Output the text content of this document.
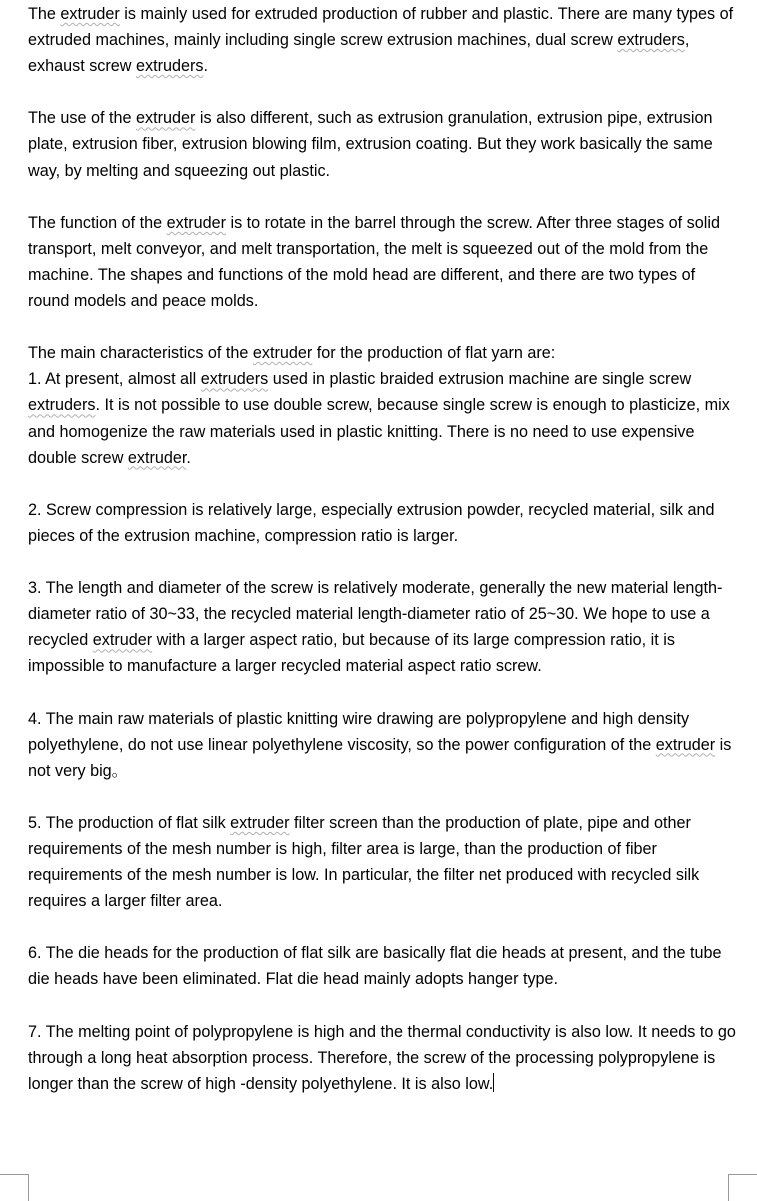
The extruder is mainly used for extruded production of rubber and plastic. There are many types of extruded machines, mainly including single screw extrusion machines, dual screw extruders, exhaust screw extruders.

The use of the extruder is also different, such as extrusion granulation, extrusion pipe, extrusion plate, extrusion fiber, extrusion blowing film, extrusion coating. But they work basically the same way, by melting and squeezing out plastic.

The function of the extruder is to rotate in the barrel through the screw. After three stages of solid transport, melt conveyor, and melt transportation, the melt is squeezed out of the mold from the machine. The shapes and functions of the mold head are different, and there are two types of round models and peace molds.

The main characteristics of the extruder for the production of flat yarn are:

1. At present, almost all extruders used in plastic braided extrusion machine are single screw extruders. It is not possible to use double screw, because single screw is enough to plasticize, mix and homogenize the raw materials used in plastic knitting. There is no need to use expensive double screw extruder.

2. Screw compression is relatively large, especially extrusion powder, recycled material, silk and pieces of the extrusion machine, compression ratio is larger.

3. The length and diameter of the screw is relatively moderate, generally the new material length-diameter ratio of 30~33, the recycled material length-diameter ratio of 25~30. We hope to use a recycled extruder with a larger aspect ratio, but because of its large compression ratio, it is impossible to manufacture a larger recycled material aspect ratio screw.

4. The main raw materials of plastic knitting wire drawing are polypropylene and high density polyethylene, do not use linear polyethylene viscosity, so the power configuration of the extruder is not very big。

5. The production of flat silk extruder filter screen than the production of plate, pipe and other requirements of the mesh number is high, filter area is large, than the production of fiber requirements of the mesh number is low. In particular, the filter net produced with recycled silk requires a larger filter area.

6. The die heads for the production of flat silk are basically flat die heads at present, and the tube die heads have been eliminated. Flat die head mainly adopts hanger type.

7. The melting point of polypropylene is high and the thermal conductivity is also low. It needs to go through a long heat absorption process. Therefore, the screw of the processing polypropylene is longer than the screw of high -density polyethylene. It is also low.
